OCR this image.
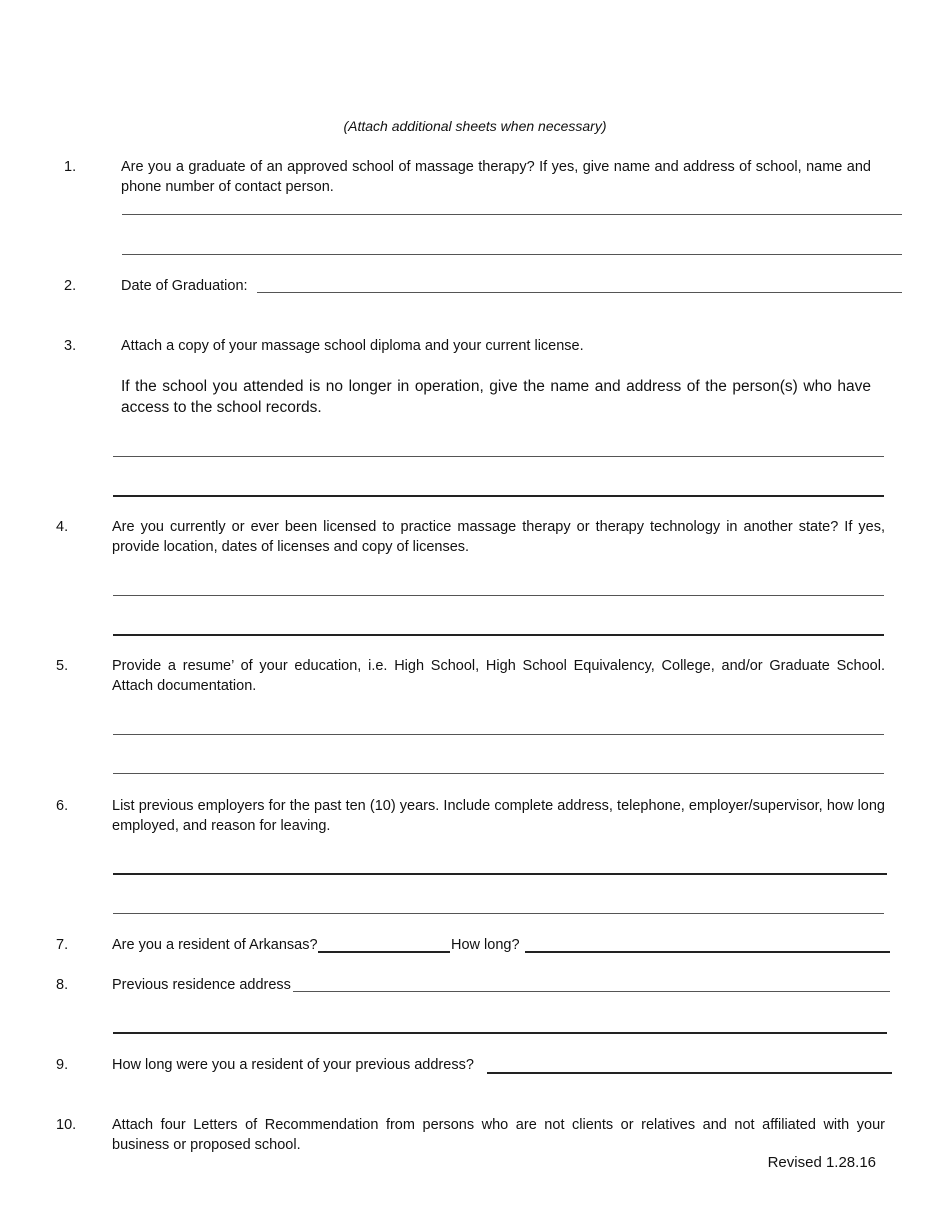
(Attach additional sheets when necessary)
1.	Are you a graduate of an approved school of massage therapy? If yes, give name and address of school, name and phone number of contact person.
2.	Date of Graduation:
3.	Attach a copy of your massage school diploma and your current license.
If the school you attended is no longer in operation, give the name and address of the person(s) who have access to the school records.
4.	Are you currently or ever been licensed to practice massage therapy or therapy technology in another state? If yes, provide location, dates of licenses and copy of licenses.
5.	Provide a resume’ of your education, i.e. High School, High School Equivalency, College, and/or Graduate School. Attach documentation.
6.	List previous employers for the past ten (10) years. Include complete address, telephone, employer/supervisor, how long employed, and reason for leaving.
7.	Are you a resident of Arkansas?	How long?
8.	Previous residence address
9.	How long were you a resident of your previous address?
10. Attach four Letters of Recommendation from persons who are not clients or relatives and not affiliated with your business or proposed school.
Revised 1.28.16
